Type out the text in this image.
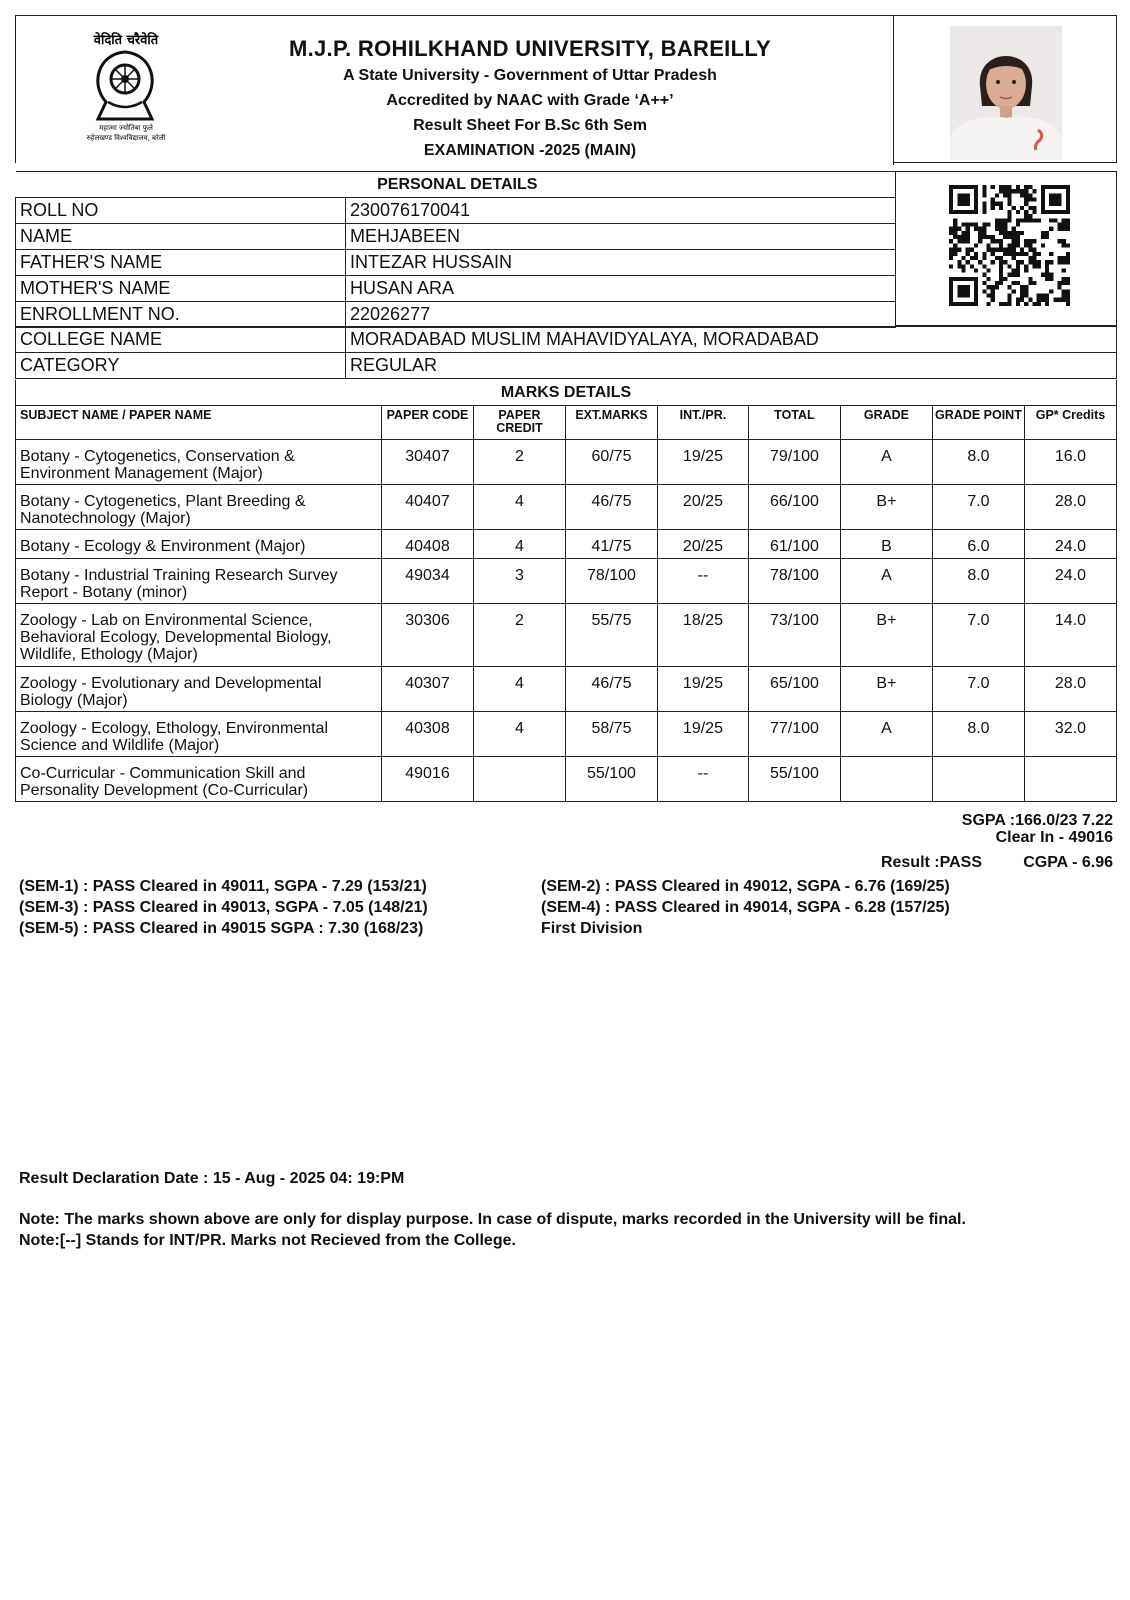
वेदिति चरैवेति
महात्मा ज्योतिबा फुले
रुहेलखण्ड विश्वविद्यालय, बरेली
M.J.P. ROHILKHAND UNIVERSITY, BAREILLY
A State University - Government of Uttar Pradesh
Accredited by NAAC with Grade ‘A++’
Result Sheet For B.Sc 6th Sem
EXAMINATION -2025 (MAIN)
PERSONAL DETAILS	
ROLL NO	230076170041
NAME	MEHJABEEN
FATHER'S NAME	INTEZAR HUSSAIN
MOTHER'S NAME	HUSAN ARA
ENROLLMENT NO.	22026277
COLLEGE NAME	MORADABAD MUSLIM MAHAVIDYALAYA, MORADABAD
CATEGORY	REGULAR
MARKS DETAILS
SUBJECT NAME / PAPER NAME	PAPER CODE	PAPER CREDIT	EXT.MARKS	INT./PR.	TOTAL	GRADE	GRADE POINT	GP* Credits
Botany - Cytogenetics, Conservation & Environment Management (Major)	30407	2	60/75	19/25	79/100	A	8.0	16.0
Botany - Cytogenetics, Plant Breeding & Nanotechnology (Major)	40407	4	46/75	20/25	66/100	B+	7.0	28.0
Botany - Ecology & Environment (Major)	40408	4	41/75	20/25	61/100	B	6.0	24.0
Botany - Industrial Training Research Survey Report - Botany (minor)	49034	3	78/100	--	78/100	A	8.0	24.0
Zoology - Lab on Environmental Science, Behavioral Ecology, Developmental Biology, Wildlife, Ethology (Major)	30306	2	55/75	18/25	73/100	B+	7.0	14.0
Zoology - Evolutionary and Developmental Biology (Major)	40307	4	46/75	19/25	65/100	B+	7.0	28.0
Zoology - Ecology, Ethology, Environmental Science and Wildlife (Major)	40308	4	58/75	19/25	77/100	A	8.0	32.0
Co-Curricular - Communication Skill and Personality Development (Co-Curricular)	49016		55/100	--	55/100			
SGPA :166.0/23 7.22
Clear In - 49016
Result :PASS	CGPA - 6.96
(SEM-1) : PASS Cleared in 49011, SGPA - 7.29 (153/21)	(SEM-2) : PASS Cleared in 49012, SGPA - 6.76 (169/25)
(SEM-3) : PASS Cleared in 49013, SGPA - 7.05 (148/21)	(SEM-4) : PASS Cleared in 49014, SGPA - 6.28 (157/25)
(SEM-5) : PASS Cleared in 49015 SGPA : 7.30 (168/23)	First Division
Result Declaration Date : 15 - Aug - 2025 04: 19:PM
Note: The marks shown above are only for display purpose. In case of dispute, marks recorded in the University will be final.
Note:[--] Stands for INT/PR. Marks not Recieved from the College.
